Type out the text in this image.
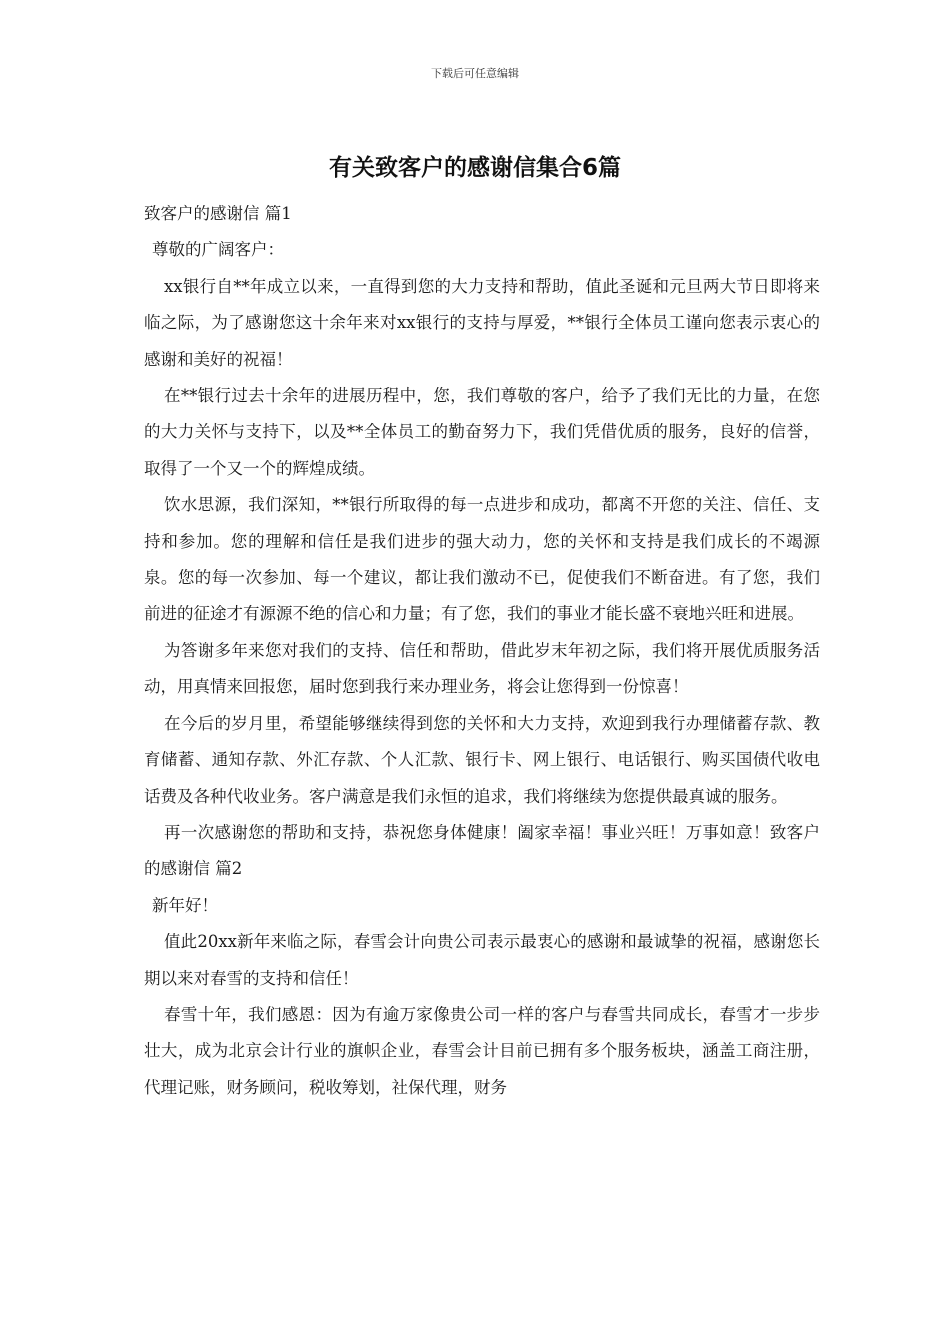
下载后可任意编辑
有关致客户的感谢信集合6篇

致客户的感谢信 篇1

尊敬的广阔客户：

xx银行自**年成立以来，一直得到您的大力支持和帮助，值此圣诞和元旦两大节日即将来临之际，为了感谢您这十余年来对xx银行的支持与厚爱，**银行全体员工谨向您表示衷心的感谢和美好的祝福！

在**银行过去十余年的进展历程中，您，我们尊敬的客户，给予了我们无比的力量，在您的大力关怀与支持下，以及**全体员工的勤奋努力下，我们凭借优质的服务，良好的信誉，取得了一个又一个的辉煌成绩。

饮水思源，我们深知，**银行所取得的每一点进步和成功，都离不开您的关注、信任、支持和参加。您的理解和信任是我们进步的强大动力，您的关怀和支持是我们成长的不竭源泉。您的每一次参加、每一个建议，都让我们激动不已，促使我们不断奋进。有了您，我们前进的征途才有源源不绝的信心和力量；有了您，我们的事业才能长盛不衰地兴旺和进展。

为答谢多年来您对我们的支持、信任和帮助，借此岁末年初之际，我们将开展优质服务活动，用真情来回报您，届时您到我行来办理业务，将会让您得到一份惊喜！

在今后的岁月里，希望能够继续得到您的关怀和大力支持，欢迎到我行办理储蓄存款、教育储蓄、通知存款、外汇存款、个人汇款、银行卡、网上银行、电话银行、购买国债代收电话费及各种代收业务。客户满意是我们永恒的追求，我们将继续为您提供最真诚的服务。

再一次感谢您的帮助和支持，恭祝您身体健康！阖家幸福！事业兴旺！万事如意！致客户的感谢信 篇2

新年好！

值此20xx新年来临之际，春雪会计向贵公司表示最衷心的感谢和最诚挚的祝福，感谢您长期以来对春雪的支持和信任！

春雪十年，我们感恩：因为有逾万家像贵公司一样的客户与春雪共同成长，春雪才一步步壮大，成为北京会计行业的旗帜企业，春雪会计目前已拥有多个服务板块，涵盖工商注册，代理记账，财务顾问，税收筹划，社保代理，财务
